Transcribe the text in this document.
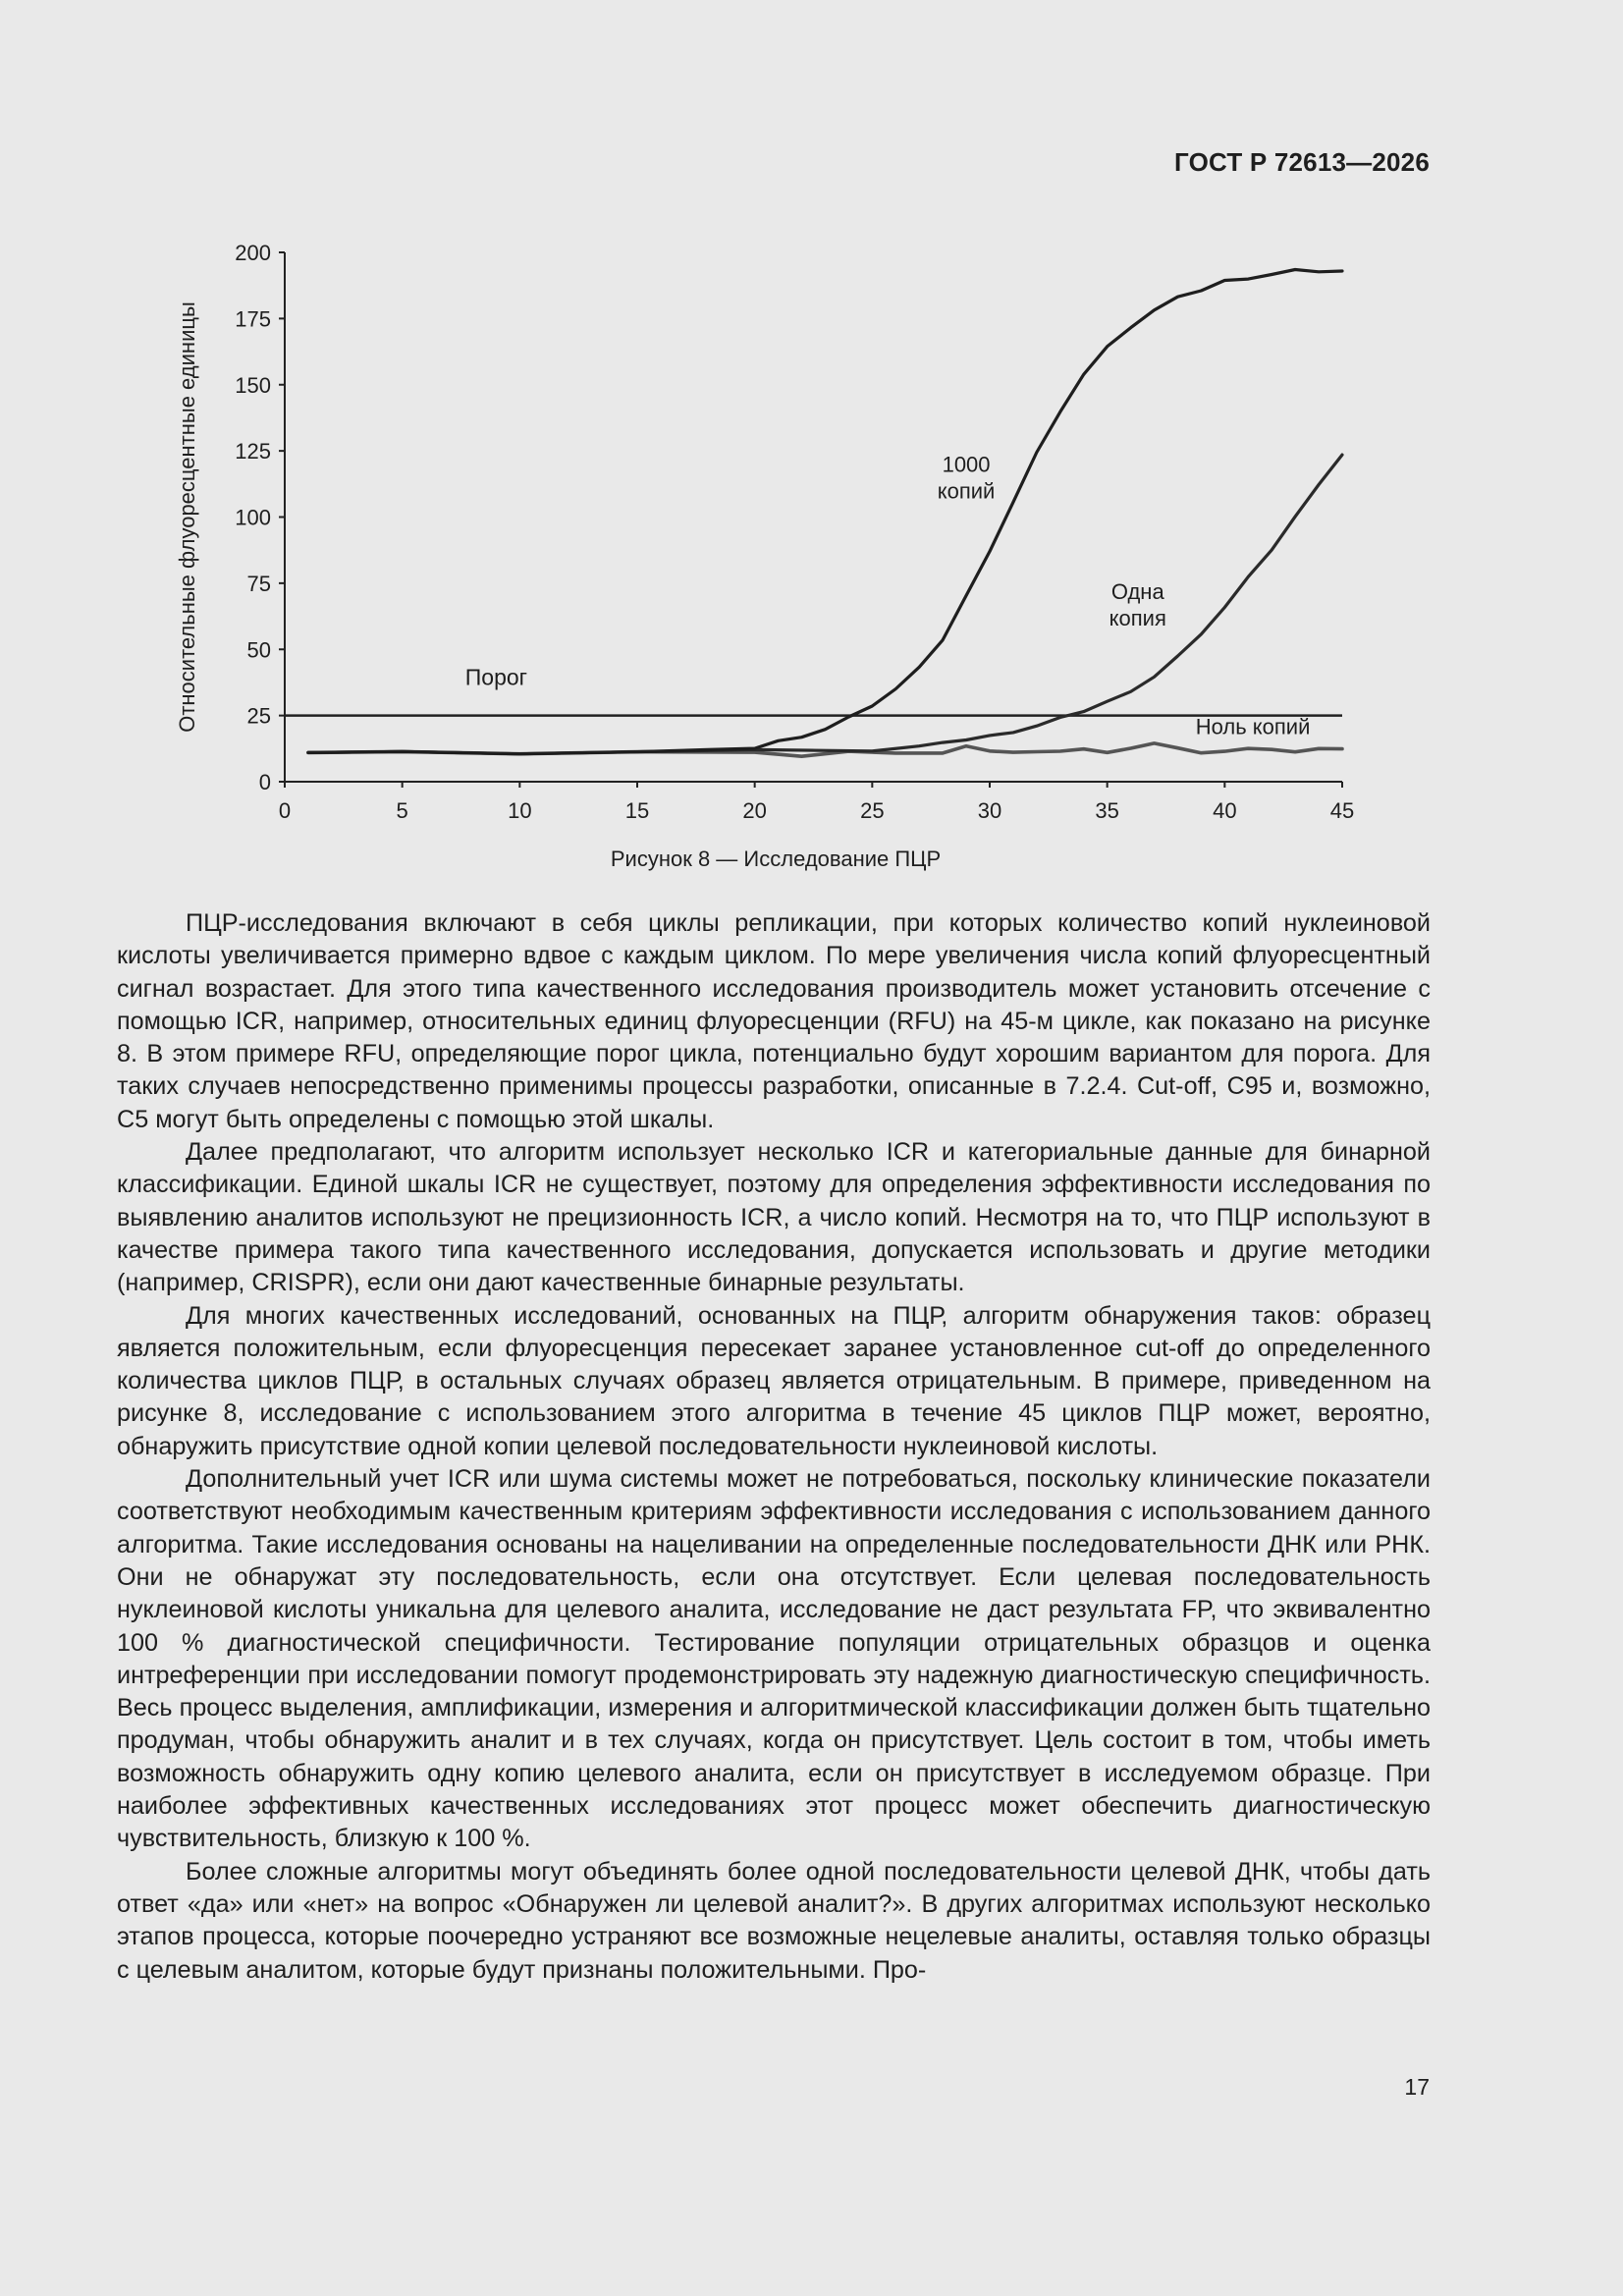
ГОСТ Р 72613—2026
0
25
50
75
100
125
150
175
200
0	5	10	15	20	25	30	35	40	45
Относительные флуоресцентные единицы	Порог
1000
копий
Одна
копия
Ноль копий
Рисунок 8 — Исследование ПЦР

ПЦР-исследования включают в себя циклы репликации, при которых количество копий нуклеиновой кислоты увеличивается примерно вдвое с каждым циклом. По мере увеличения числа копий флуоресцентный сигнал возрастает. Для этого типа качественного исследования производитель может установить отсечение с помощью ICR, например, относительных единиц флуоресценции (RFU) на 45-м цикле, как показано на рисунке 8. В этом примере RFU, определяющие порог цикла, потенциально будут хорошим вариантом для порога. Для таких случаев непосредственно применимы процессы разработки, описанные в 7.2.4. Cut-off, C95 и, возможно, C5 могут быть определены с помощью этой шкалы.

Далее предполагают, что алгоритм использует несколько ICR и категориальные данные для бинарной классификации. Единой шкалы ICR не существует, поэтому для определения эффективности исследования по выявлению аналитов используют не прецизионность ICR, а число копий. Несмотря на то, что ПЦР используют в качестве примера такого типа качественного исследования, допускается использовать и другие методики (например, CRISPR), если они дают качественные бинарные результаты.

Для многих качественных исследований, основанных на ПЦР, алгоритм обнаружения таков: образец является положительным, если флуоресценция пересекает заранее установленное cut-off до определенного количества циклов ПЦР, в остальных случаях образец является отрицательным. В примере, приведенном на рисунке 8, исследование с использованием этого алгоритма в течение 45 циклов ПЦР может, вероятно, обнаружить присутствие одной копии целевой последовательности нуклеиновой кислоты.

Дополнительный учет ICR или шума системы может не потребоваться, поскольку клинические показатели соответствуют необходимым качественным критериям эффективности исследования с использованием данного алгоритма. Такие исследования основаны на нацеливании на определенные последовательности ДНК или РНК. Они не обнаружат эту последовательность, если она отсутствует. Если целевая последовательность нуклеиновой кислоты уникальна для целевого аналита, исследование не даст результата FP, что эквивалентно 100 % диагностической специфичности. Тестирование популяции отрицательных образцов и оценка интреференции при исследовании помогут продемонстрировать эту надежную диагностическую специфичность. Весь процесс выделения, амплификации, измерения и алгоритмической классификации должен быть тщательно продуман, чтобы обнаружить аналит и в тех случаях, когда он присутствует. Цель состоит в том, чтобы иметь возможность обнаружить одну копию целевого аналита, если он присутствует в исследуемом образце. При наиболее эффективных качественных исследованиях этот процесс может обеспечить диагностическую чувствительность, близкую к 100 %.

Более сложные алгоритмы могут объединять более одной последовательности целевой ДНК, чтобы дать ответ «да» или «нет» на вопрос «Обнаружен ли целевой аналит?». В других алгоритмах используют несколько этапов процесса, которые поочередно устраняют все возможные нецелевые аналиты, оставляя только образцы с целевым аналитом, которые будут признаны положительными. Про-

17
